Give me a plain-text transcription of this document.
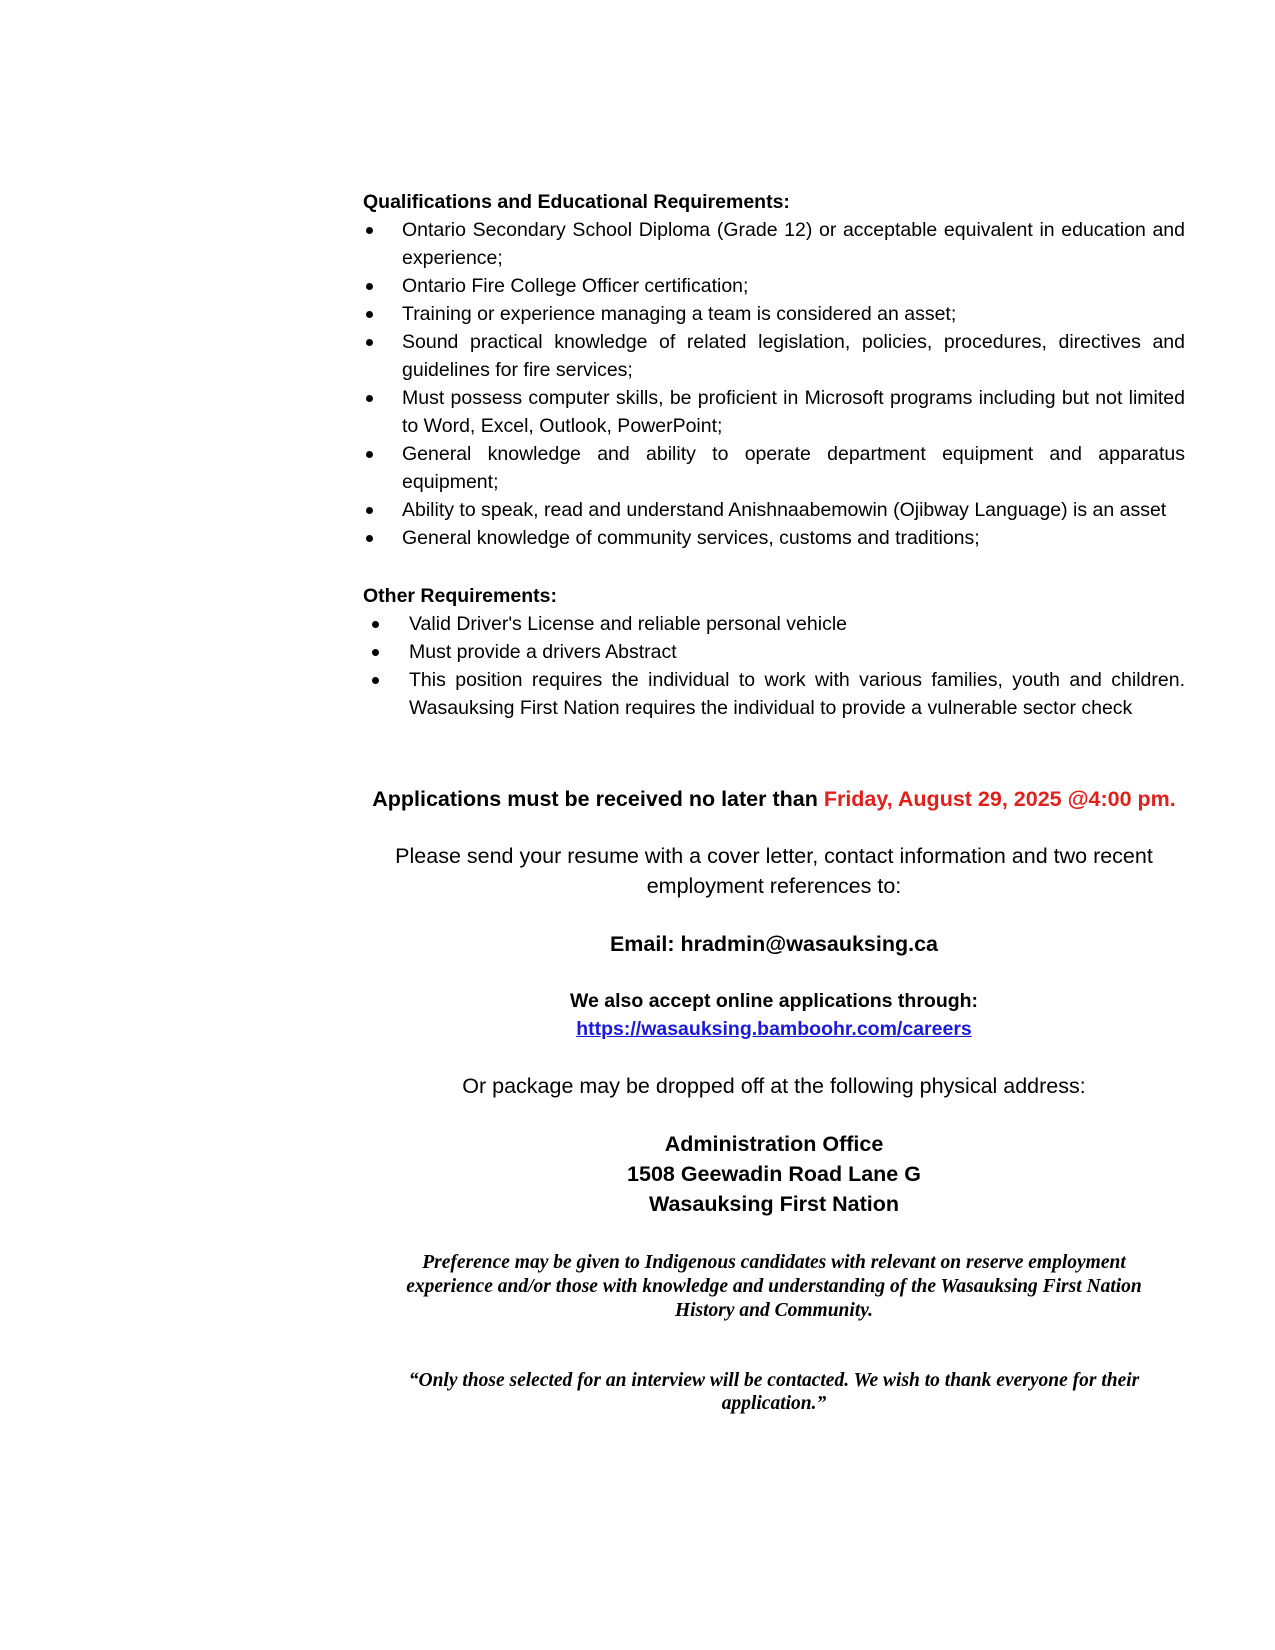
Qualifications and Educational Requirements:
Ontario Secondary School Diploma (Grade 12) or acceptable equivalent in education and experience;
Ontario Fire College Officer certification;
Training or experience managing a team is considered an asset;
Sound practical knowledge of related legislation, policies, procedures, directives and guidelines for fire services;
Must possess computer skills, be proficient in Microsoft programs including but not limited to Word, Excel, Outlook, PowerPoint;
General knowledge and ability to operate department equipment and apparatus equipment;
Ability to speak, read and understand Anishnaabemowin (Ojibway Language) is an asset
General knowledge of community services, customs and traditions;
Other Requirements:
Valid Driver's License and reliable personal vehicle
Must provide a drivers Abstract
This position requires the individual to work with various families, youth and children. Wasauksing First Nation requires the individual to provide a vulnerable sector check
Applications must be received no later than Friday, August 29, 2025 @4:00 pm.
Please send your resume with a cover letter, contact information and two recent employment references to:
Email: hradmin@wasauksing.ca
We also accept online applications through:
https://wasauksing.bamboohr.com/careers
Or package may be dropped off at the following physical address:
Administration Office
1508 Geewadin Road Lane G
Wasauksing First Nation
Preference may be given to Indigenous candidates with relevant on reserve employment experience and/or those with knowledge and understanding of the Wasauksing First Nation History and Community.
“Only those selected for an interview will be contacted. We wish to thank everyone for their application.”
